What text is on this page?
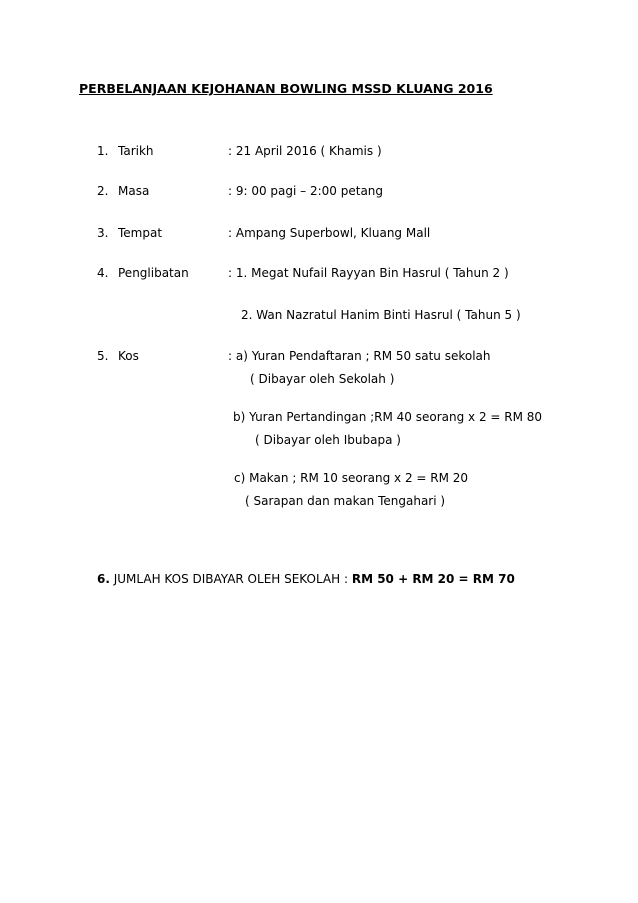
PERBELANJAAN KEJOHANAN BOWLING MSSD KLUANG 2016
1. Tarikh	: 21 April 2016 ( Khamis )
2. Masa	: 9: 00 pagi – 2:00 petang
3. Tempat	: Ampang Superbowl, Kluang Mall
4. Penglibatan	: 1. Megat Nufail Rayyan Bin Hasrul ( Tahun 2 )
2. Wan Nazratul Hanim Binti Hasrul ( Tahun 5 )
5. Kos	: a) Yuran Pendaftaran ; RM 50 satu sekolah
( Dibayar oleh Sekolah )
b) Yuran Pertandingan ;RM 40 seorang x 2 = RM 80
( Dibayar oleh Ibubapa )
c) Makan ; RM 10 seorang x 2 = RM 20
( Sarapan dan makan Tengahari )
6. JUMLAH KOS DIBAYAR OLEH SEKOLAH : RM 50 + RM 20 = RM 70
